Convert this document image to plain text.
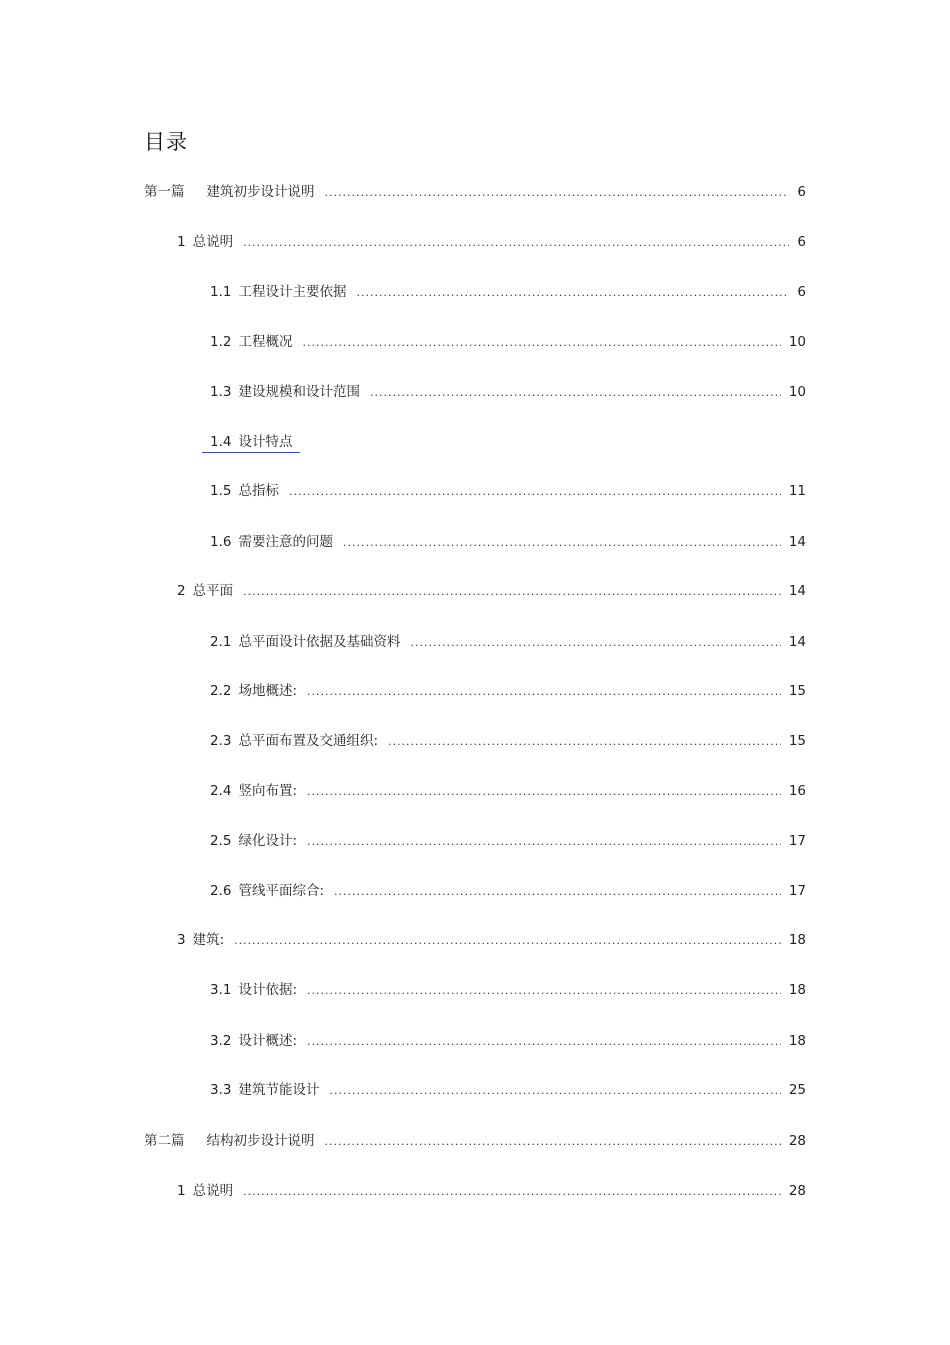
目录
第一篇 建筑初步设计说明 .....	6
1 总说明 .....	6
1.1 工程设计主要依据 .....	6
1.2 工程概况 .....	10
1.3 建设规模和设计范围 .....	10
1.4 设计特点
1.5 总指标 .....	11
1.6 需要注意的问题 .....	14
2 总平面 .....	14
2.1 总平面设计依据及基础资料 .....	14
2.2 场地概述: .....	15
2.3 总平面布置及交通组织: .....	15
2.4 竖向布置: .....	16
2.5 绿化设计: .....	17
2.6 管线平面综合: .....	17
3 建筑: .....	18
3.1 设计依据: .....	18
3.2 设计概述: .....	18
3.3 建筑节能设计 .....	25
第二篇 结构初步设计说明 .....	28
1 总说明 .....	28
